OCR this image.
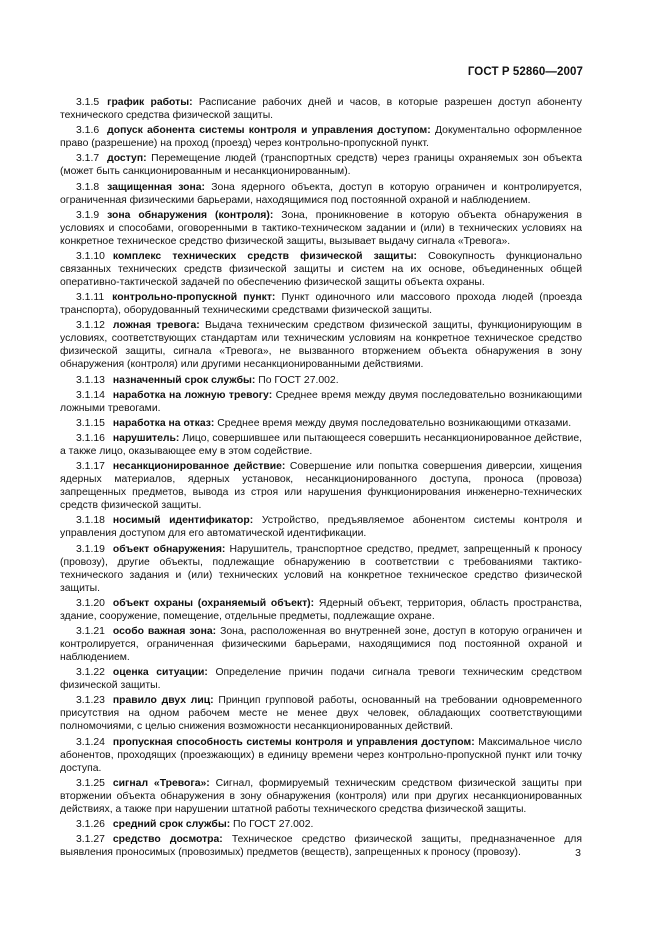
ГОСТ Р 52860—2007

3.1.5 график работы: Расписание рабочих дней и часов, в которые разрешен доступ абоненту технического средства физической защиты.

3.1.6 допуск абонента системы контроля и управления доступом: Документально оформленное право (разрешение) на проход (проезд) через контрольно-пропускной пункт.

3.1.7 доступ: Перемещение людей (транспортных средств) через границы охраняемых зон объекта (может быть санкционированным и несанкционированным).

3.1.8 защищенная зона: Зона ядерного объекта, доступ в которую ограничен и контролируется, ограниченная физическими барьерами, находящимися под постоянной охраной и наблюдением.

3.1.9 зона обнаружения (контроля): Зона, проникновение в которую объекта обнаружения в условиях и способами, оговоренными в тактико-техническом задании и (или) в технических условиях на конкретное техническое средство физической защиты, вызывает выдачу сигнала «Тревога».

3.1.10 комплекс технических средств физической защиты: Совокупность функционально связанных технических средств физической защиты и систем на их основе, объединенных общей оперативно-тактической задачей по обеспечению физической защиты объекта охраны.

3.1.11 контрольно-пропускной пункт: Пункт одиночного или массового прохода людей (проезда транспорта), оборудованный техническими средствами физической защиты.

3.1.12 ложная тревога: Выдача техническим средством физической защиты, функционирующим в условиях, соответствующих стандартам или техническим условиям на конкретное техническое средство физической защиты, сигнала «Тревога», не вызванного вторжением объекта обнаружения в зону обнаружения (контроля) или другими несанкционированными действиями.

3.1.13 назначенный срок службы: По ГОСТ 27.002.

3.1.14 наработка на ложную тревогу: Среднее время между двумя последовательно возникающими ложными тревогами.

3.1.15 наработка на отказ: Среднее время между двумя последовательно возникающими отказами.

3.1.16 нарушитель: Лицо, совершившее или пытающееся совершить несанкционированное действие, а также лицо, оказывающее ему в этом содействие.

3.1.17 несанкционированное действие: Совершение или попытка совершения диверсии, хищения ядерных материалов, ядерных установок, несанкционированного доступа, проноса (провоза) запрещенных предметов, вывода из строя или нарушения функционирования инженерно-технических средств физической защиты.

3.1.18 носимый идентификатор: Устройство, предъявляемое абонентом системы контроля и управления доступом для его автоматической идентификации.

3.1.19 объект обнаружения: Нарушитель, транспортное средство, предмет, запрещенный к проносу (провозу), другие объекты, подлежащие обнаружению в соответствии с требованиями тактико-технического задания и (или) технических условий на конкретное техническое средство физической защиты.

3.1.20 объект охраны (охраняемый объект): Ядерный объект, территория, область пространства, здание, сооружение, помещение, отдельные предметы, подлежащие охране.

3.1.21 особо важная зона: Зона, расположенная во внутренней зоне, доступ в которую ограничен и контролируется, ограниченная физическими барьерами, находящимися под постоянной охраной и наблюдением.

3.1.22 оценка ситуации: Определение причин подачи сигнала тревоги техническим средством физической защиты.

3.1.23 правило двух лиц: Принцип групповой работы, основанный на требовании одновременного присутствия на одном рабочем месте не менее двух человек, обладающих соответствующими полномочиями, с целью снижения возможности несанкционированных действий.

3.1.24 пропускная способность системы контроля и управления доступом: Максимальное число абонентов, проходящих (проезжающих) в единицу времени через контрольно-пропускной пункт или точку доступа.

3.1.25 сигнал «Тревога»: Сигнал, формируемый техническим средством физической защиты при вторжении объекта обнаружения в зону обнаружения (контроля) или при других несанкционированных действиях, а также при нарушении штатной работы технического средства физической защиты.

3.1.26 средний срок службы: По ГОСТ 27.002.

3.1.27 средство досмотра: Техническое средство физической защиты, предназначенное для выявления проносимых (провозимых) предметов (веществ), запрещенных к проносу (провозу).	3
